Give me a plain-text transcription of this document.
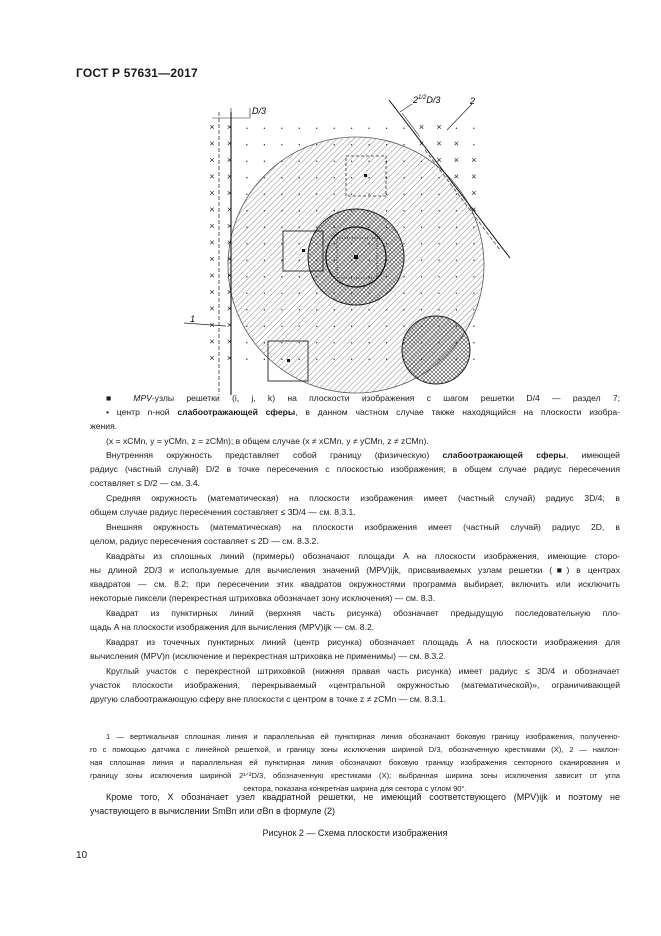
ГОСТ Р 57631—2017
× ×	•	•	•	•	•	•	•	•	•	• × ×	•	•
× ×	•	•	•	•	•	•	•	•	•	• × × ×	•
× ×	•	•	•	•	•	•	•	•	•	•	• × × ×
× ×	•	•	•	•	•	•	•	•	•	•	•	• × ×
× ×	•	•	•	•	•	•	•	•	•	•	•	•	• ×
× ×	•	•	•	•	•	•	•	•	•	•	•	•	• ×
× ×	•	•	•	•	•	•	•	•	•	•	•	•	•	•
× ×	•	•	•	•	•	•	•	•	•	•	•	•	•	•
× ×	•	•	•	•	•	•	•	•	•	•	•	•	•	•
× ×	•	•	•	•	•	•	•	•	•	•	•	•	•	•
× ×	•	•	•	•	•	•	•	•	•	•	•	•	•	•
× ×	•	•	•	•	•	•	•	•	•	•	•	•	•	•
× ×	•	•	•	•	•	•	•	•	•	•	•	•	•	•
× ×	•	•	•	•	•	•	•	•	•	•	•	•	•	•
× ×	•	•	•	•	•	•	•	•	•	•	•	•	•	•
D/3
$2^{1/2}D/3$	2
1
■ MPV-узлы решетки (i, j, k) на плоскости изображения с шагом решетки D/4 — раздел 7;
• центр n-ной слабоотражающей сферы, в данном частном случае также находящийся на плоскости изобра-
жения.
(x = xCMn, y = yCMn, z = zCMn); в общем случае (x ≠ xCMn, y ≠ yCMn, z ≠ zCMn).
Внутренняя окружность представляет собой границу (физическую) слабоотражающей сферы, имеющей
радиус (частный случай) D/2 в точке пересечения с плоскостью изображения; в общем случае радиус пересечения
составляет ≤ D/2 — см. 3.4.
Средняя окружность (математическая) на плоскости изображения имеет (частный случай) радиус 3D/4; в
общем случае радиус пересечения составляет ≤ 3D/4 — см. 8.3.1.
Внешняя окружность (математическая) на плоскости изображения имеет (частный случай) радиус 2D, в
целом, радиус пересечения составляет ≤ 2D — см. 8.3.2.
Квадраты из сплошных линий (примеры) обозначают площади A на плоскости изображения, имеющие сторо-
ны длиной 2D/3 и используемые для вычисления значений (MPV)ijk, присваиваемых узлам решетки (■) в центрах
квадратов — см. 8.2; при пересечении этих квадратов окружностями программа выбирает, включить или исключить
некоторые пиксели (перекрестная штриховка обозначает зону исключения) — см. 8.3.
Квадрат из пунктирных линий (верхняя часть рисунка) обозначает предыдущую последовательную пло-
щадь A на плоскости изображения для вычисления (MPV)ijk — см. 8.2.
Квадрат из точечных пунктирных линий (центр рисунка) обозначает площадь A на плоскости изображения для
вычисления (MPV)n (исключение и перекрестная штриховка не применимы) — см. 8.3.2.
Круглый участок с перекрестной штриховкой (нижняя правая часть рисунка) имеет радиус ≤ 3D/4 и обозначает
участок плоскости изображения, перекрываемый «центральной окружностью (математической)», ограничивающей
другую слабоотражающую сферу вне плоскости с центром в точке z ≠ zCMn — см. 8.3.1.
1 — вертикальная сплошная линия и параллельная ей пунктирная линия обозначают боковую границу изображения, полученно-
го с помощью датчика с линейной решеткой, и границу зоны исключения шириной D/3, обозначенную крестиками (X), 2 — наклон-
ная сплошная линия и параллельная ей пунктирная линия обозначают боковую границу изображения секторного сканирования и
границу зоны исключения шириной 2¹ᐟ²D/3, обозначенную крестиками (X); выбранная ширина зоны исключения зависит от угла
сектора, показана конкретная ширина для сектора с углом 90°.
Кроме того, X обозначает узел квадратной решетки, не имеющий соответствующего (MPV)ijk и поэтому не
участвующего в вычислении SmBn или σBn в формуле (2)
Рисунок 2 — Схема плоскости изображения
10
